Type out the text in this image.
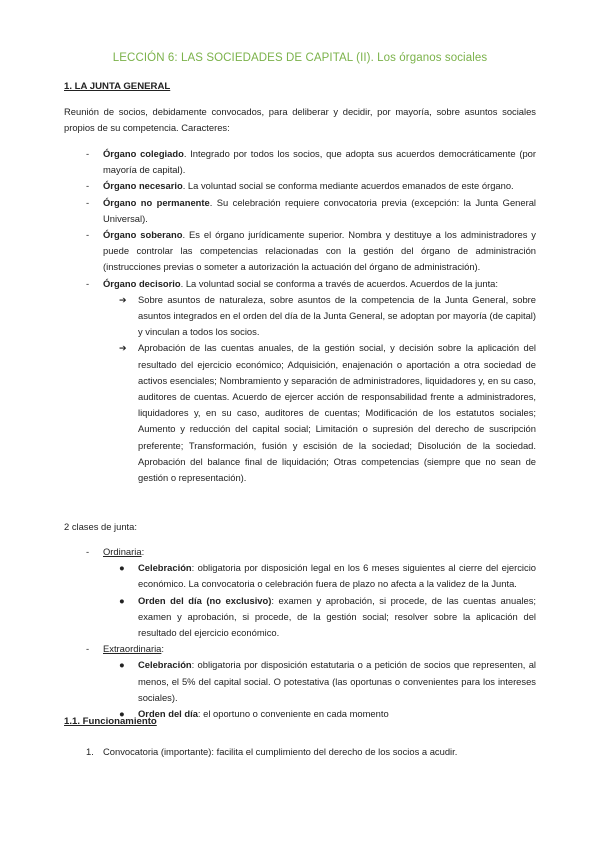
LECCIÓN 6: LAS SOCIEDADES DE CAPITAL (II). Los órganos sociales
1. LA JUNTA GENERAL
Reunión de socios, debidamente convocados, para deliberar y decidir, por mayoría, sobre asuntos sociales propios de su competencia. Caracteres:
- Órgano colegiado. Integrado por todos los socios, que adopta sus acuerdos democráticamente (por mayoría de capital).
- Órgano necesario. La voluntad social se conforma mediante acuerdos emanados de este órgano.
- Órgano no permanente. Su celebración requiere convocatoria previa (excepción: la Junta General Universal).
- Órgano soberano. Es el órgano jurídicamente superior. Nombra y destituye a los administradores y puede controlar las competencias relacionadas con la gestión del órgano de administración (instrucciones previas o someter a autorización la actuación del órgano de administración).
- Órgano decisorio. La voluntad social se conforma a través de acuerdos. Acuerdos de la junta:
➔ Sobre asuntos de naturaleza, sobre asuntos de la competencia de la Junta General, sobre asuntos integrados en el orden del día de la Junta General, se adoptan por mayoría (de capital) y vinculan a todos los socios.
➔ Aprobación de las cuentas anuales, de la gestión social, y decisión sobre la aplicación del resultado del ejercicio económico; Adquisición, enajenación o aportación a otra sociedad de activos esenciales; Nombramiento y separación de administradores, liquidadores y, en su caso, auditores de cuentas. Acuerdo de ejercer acción de responsabilidad frente a administradores, liquidadores y, en su caso, auditores de cuentas; Modificación de los estatutos sociales; Aumento y reducción del capital social; Limitación o supresión del derecho de suscripción preferente; Transformación, fusión y escisión de la sociedad; Disolución de la sociedad. Aprobación del balance final de liquidación; Otras competencias (siempre que no sean de gestión o representación).
2 clases de junta:
- Ordinaria:
● Celebración: obligatoria por disposición legal en los 6 meses siguientes al cierre del ejercicio económico. La convocatoria o celebración fuera de plazo no afecta a la validez de la Junta.
● Orden del día (no exclusivo): examen y aprobación, si procede, de las cuentas anuales; examen y aprobación, si procede, de la gestión social; resolver sobre la aplicación del resultado del ejercicio económico.
- Extraordinaria:
● Celebración: obligatoria por disposición estatutaria o a petición de socios que representen, al menos, el 5% del capital social. O potestativa (las oportunas o convenientes para los intereses sociales).
● Orden del día: el oportuno o conveniente en cada momento
1.1. Funcionamiento
1. Convocatoria (importante): facilita el cumplimiento del derecho de los socios a acudir.
